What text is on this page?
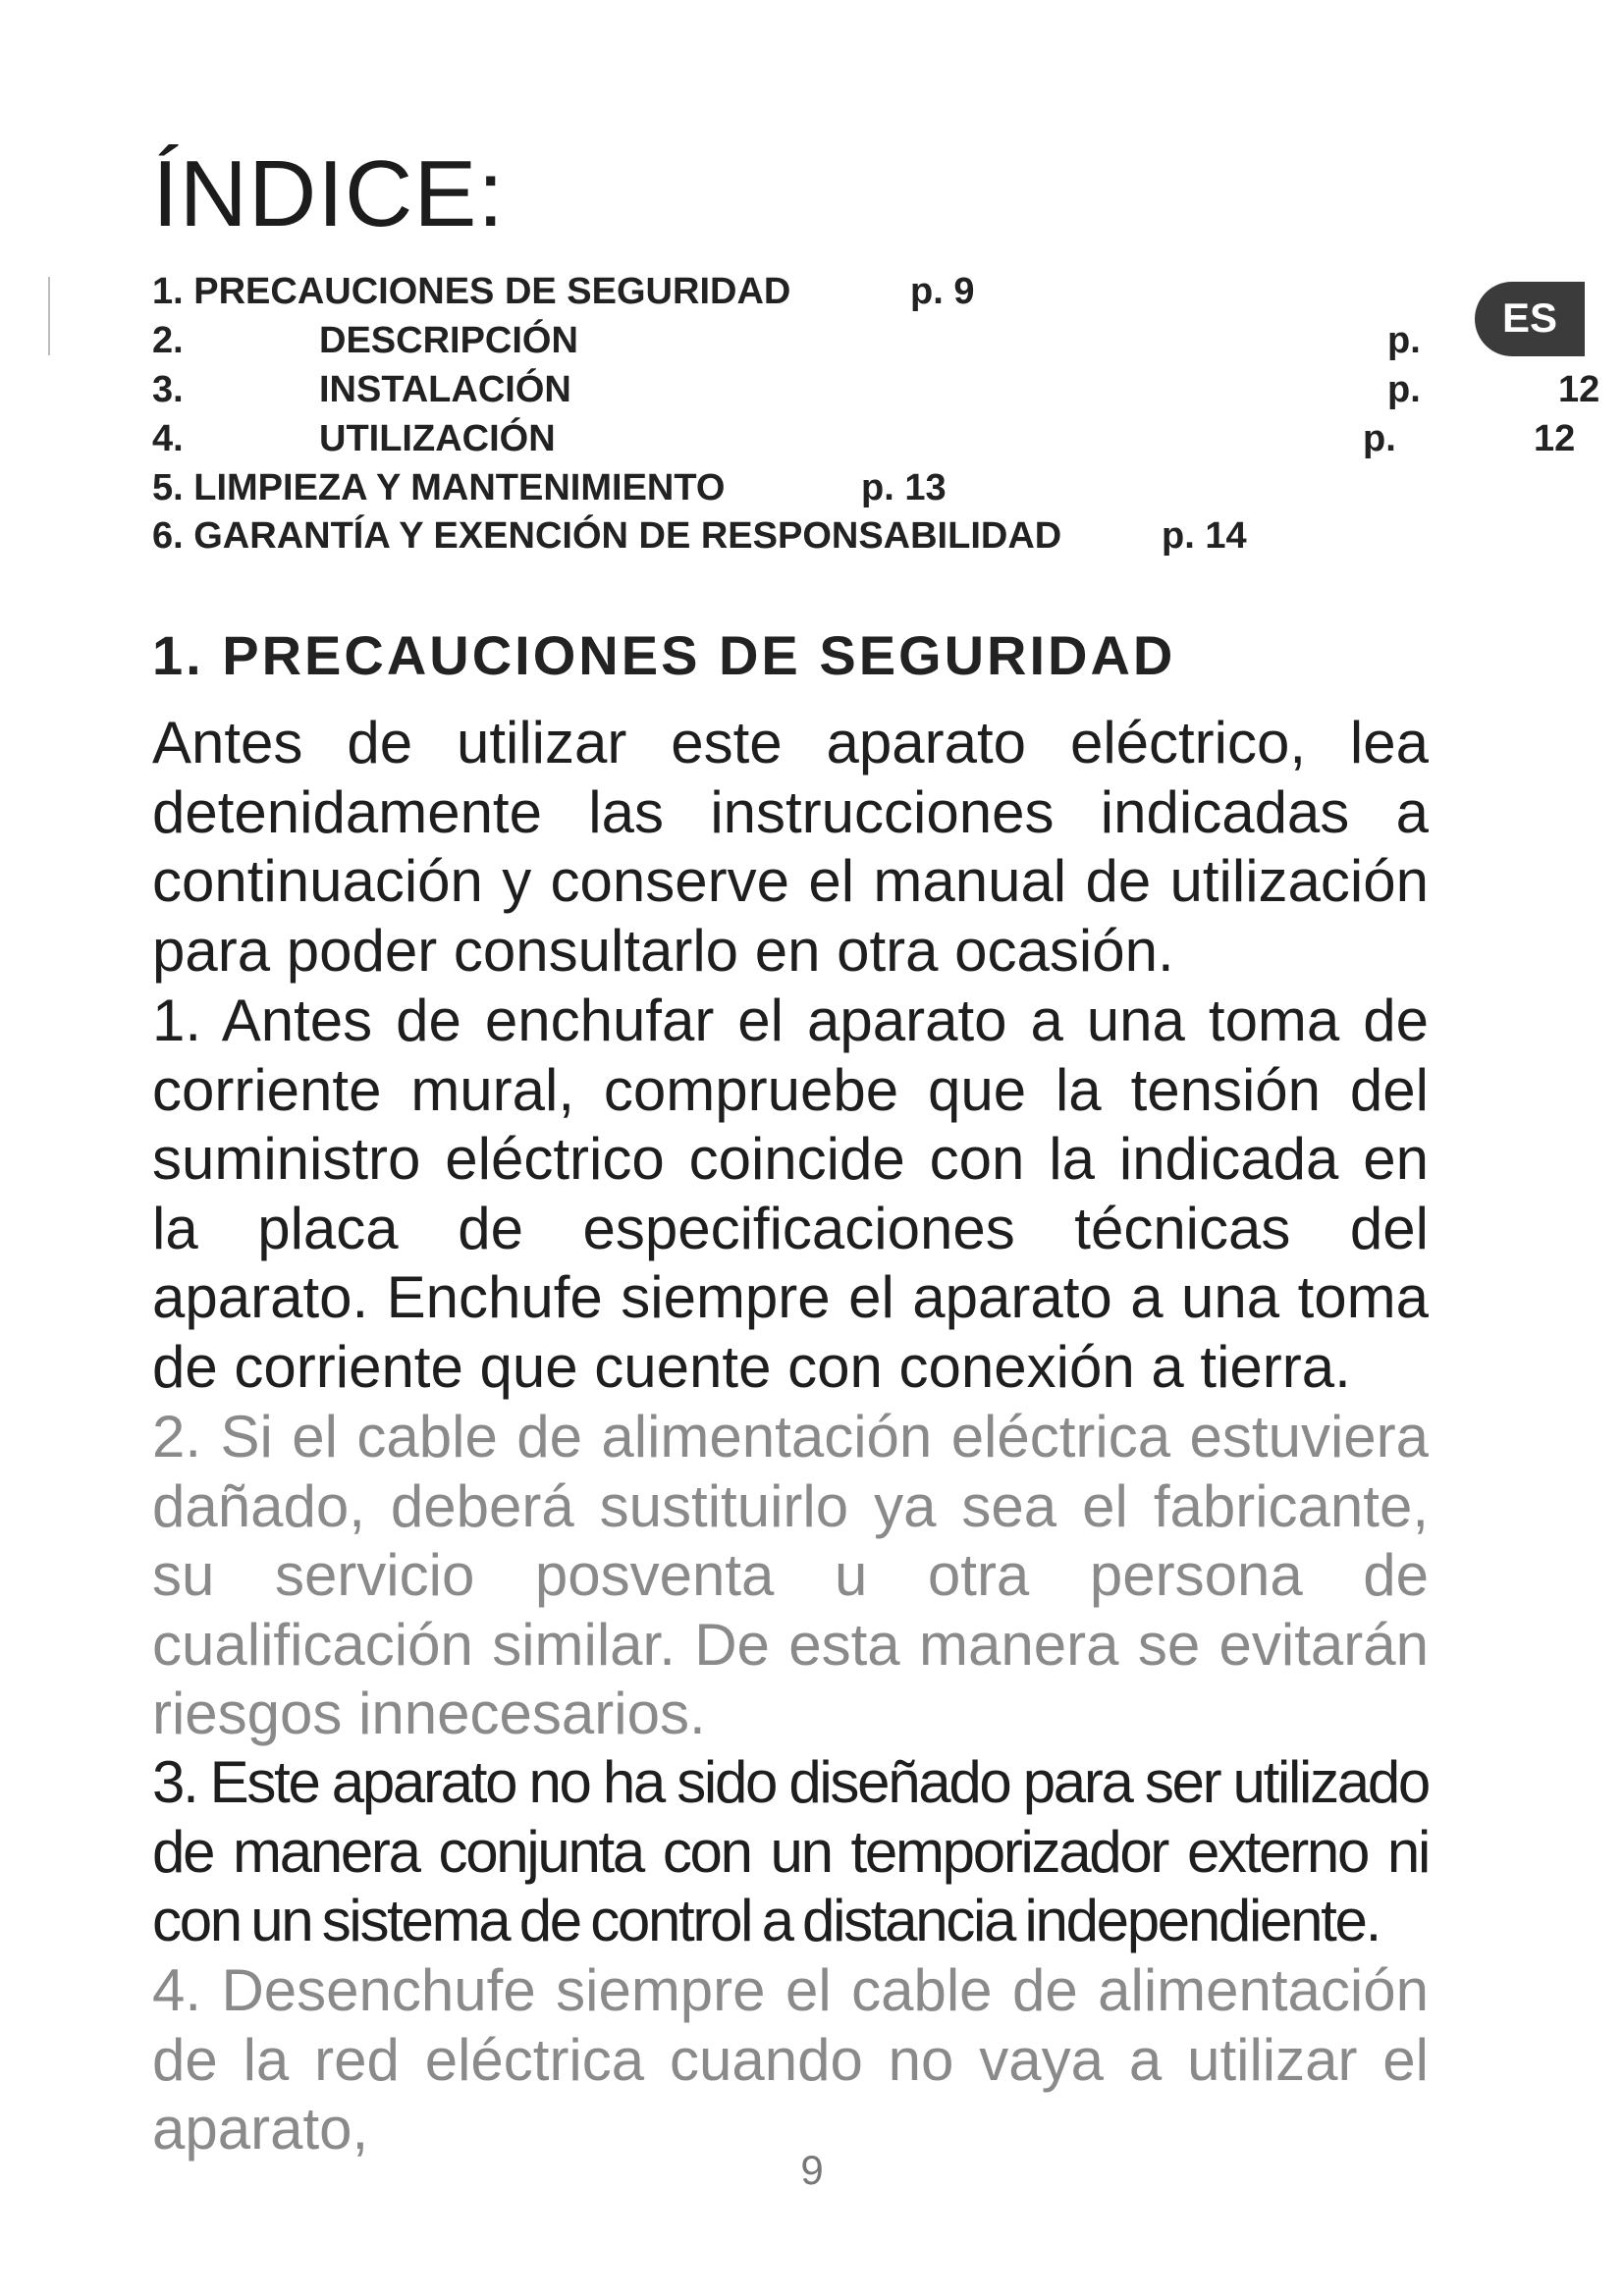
ÍNDICE:
1. PRECAUCIONES DE SEGURIDAD	p. 9
2.	DESCRIPCIÓN	p.
3.	INSTALACIÓN	p.	12
4.	UTILIZACIÓN	p.	12
5. LIMPIEZA Y MANTENIMIENTO	p. 13
6. GARANTÍA Y EXENCIÓN DE RESPONSABILIDAD	p. 14
ES
1. PRECAUCIONES DE SEGURIDAD

Antes de utilizar este aparato eléctrico, lea detenidamente las instrucciones indicadas a continuación y conserve el manual de utilización para poder consultarlo en otra ocasión.

1. Antes de enchufar el aparato a una toma de corriente mural, compruebe que la tensión del suministro eléctrico coincide con la indicada en la placa de especificaciones técnicas del aparato. Enchufe siempre el aparato a una toma de corriente que cuente con conexión a tierra.

2. Si el cable de alimentación eléctrica estuviera dañado, deberá sustituirlo ya sea el fabricante, su servicio posventa u otra persona de cualificación similar. De esta manera se evitarán riesgos innecesarios.

3. Este aparato no ha sido diseñado para ser utilizado de manera conjunta con un temporizador externo ni con un sistema de control a distancia independiente.

4. Desenchufe siempre el cable de alimentación de la red eléctrica cuando no vaya a utilizar el aparato,

9
